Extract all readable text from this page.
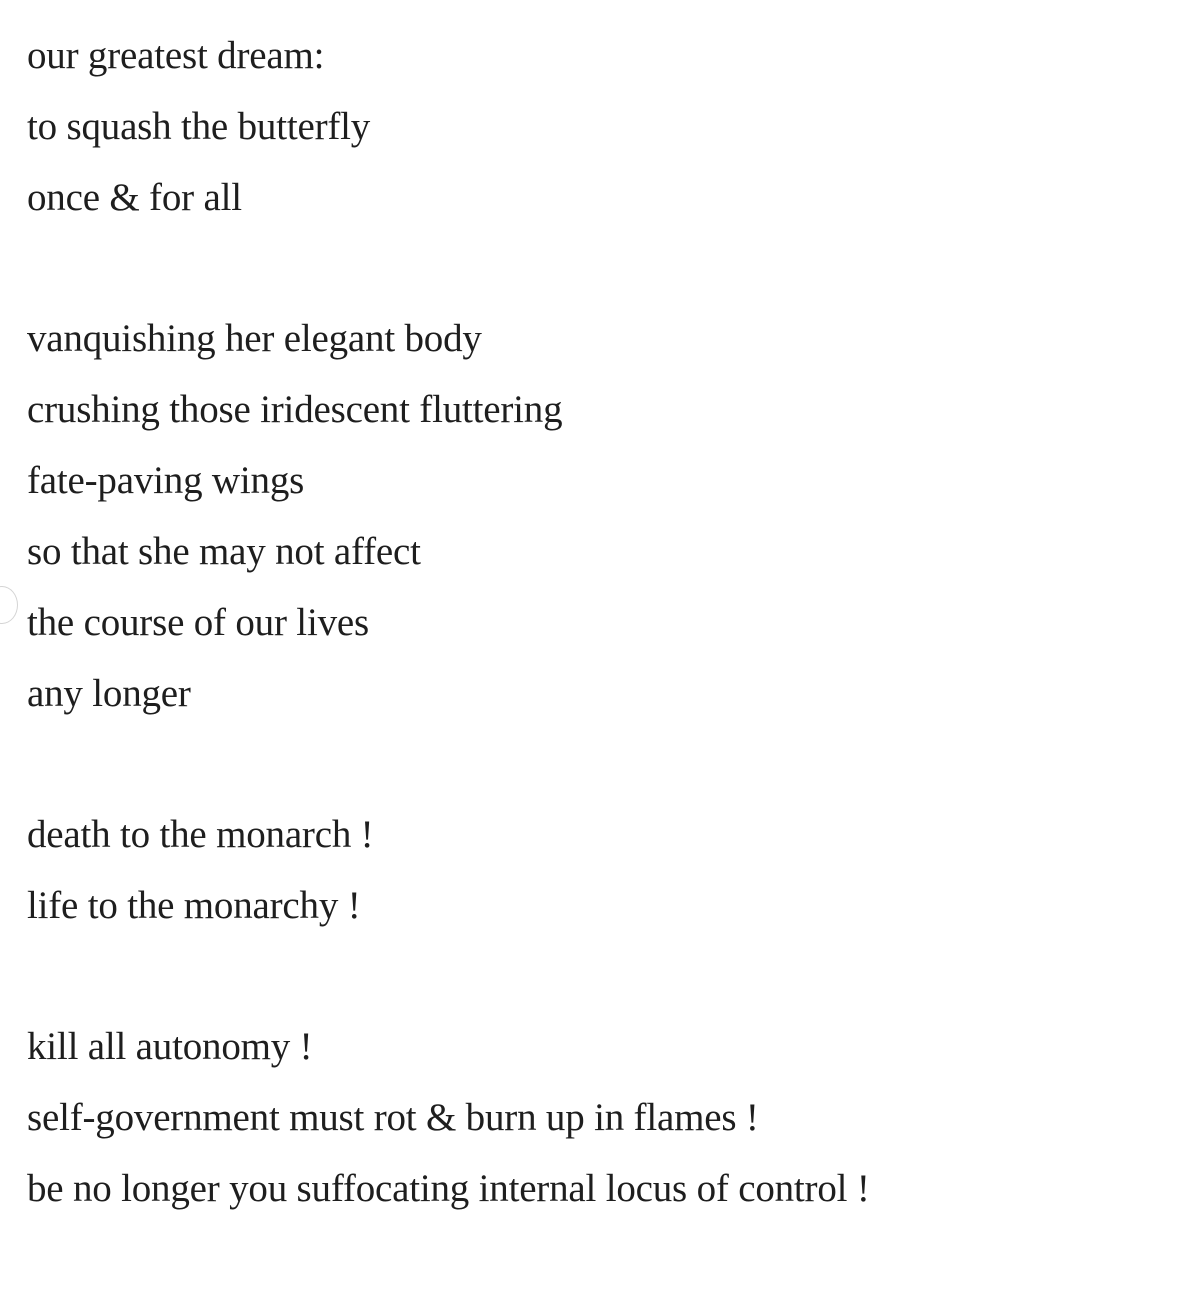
our greatest dream:
to squash the butterfly
once & for all
vanquishing her elegant body
crushing those iridescent fluttering
fate-paving wings
so that she may not affect
the course of our lives
any longer
death to the monarch !
life to the monarchy !
kill all autonomy !
self-government must rot & burn up in flames !
be no longer you suffocating internal locus of control !
